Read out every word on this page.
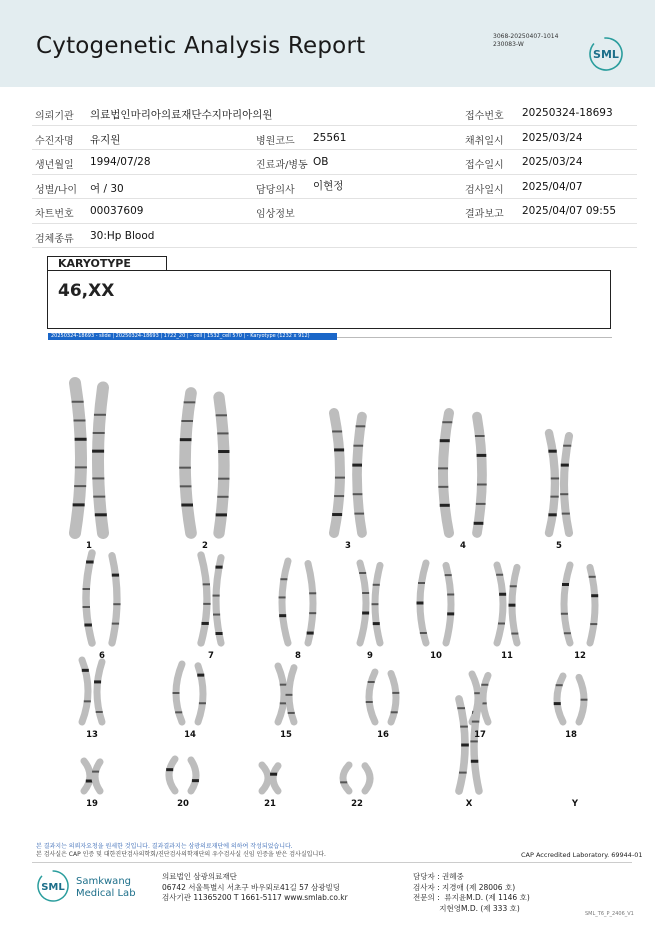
Cytogenetic Analysis Report	3068-20250407-1014
230083-W
SML
의뢰기관 의료법인마리아의료재단수지마리아의원	접수번호 20250324-18693
수진자명 유지원	병원코드 25561	채취일시 2025/03/24
생년월일 1994/07/28	진료과/병동 OB	접수일시 2025/03/24
성별/나이 여 / 30	담당의사 이현정	검사일시 2025/04/07
차트번호 00037609	임상정보	결과보고 2025/04/07 09:55
검체종류 30:Hp Blood
KARYOTYPE
46,XX
20250324-18693 - slide | 20250324-18693 | 1722_20 | - cell | 1532_cell 570 | - Karyotype (1232 x 912)
1	2	3	4	5
6	7	8	9	10	11	12
13	14	15	16	17	18
19	20	21	22	X	Y
본 결과지는 의뢰자요청을 원세한 것입니다. 결과결과지는 삼광의료재단에 의하여 작성되었습니다.
본 검사실은 CAP 인증 및 대한진단검사의학회/진단검사의학재단의 우수검사실 신임 인증을 받은 검사실입니다.	CAP Accredited Laboratory. 69944-01
SML
Samkwang
Medical Lab
의료법인 삼광의료재단
06742 서울특별시 서초구 바우뫼로41길 57 삼광빌딩
검사기관 11365200 T 1661-5117 www.smlab.co.kr
담당자 : 권혜중
검사자 : 지경애 (제 28006 호)
전문의 :  류지윤M.D. (제 1146 호)
지현영M.D. (제 333 호)
SML_T6_P_2406_V1
